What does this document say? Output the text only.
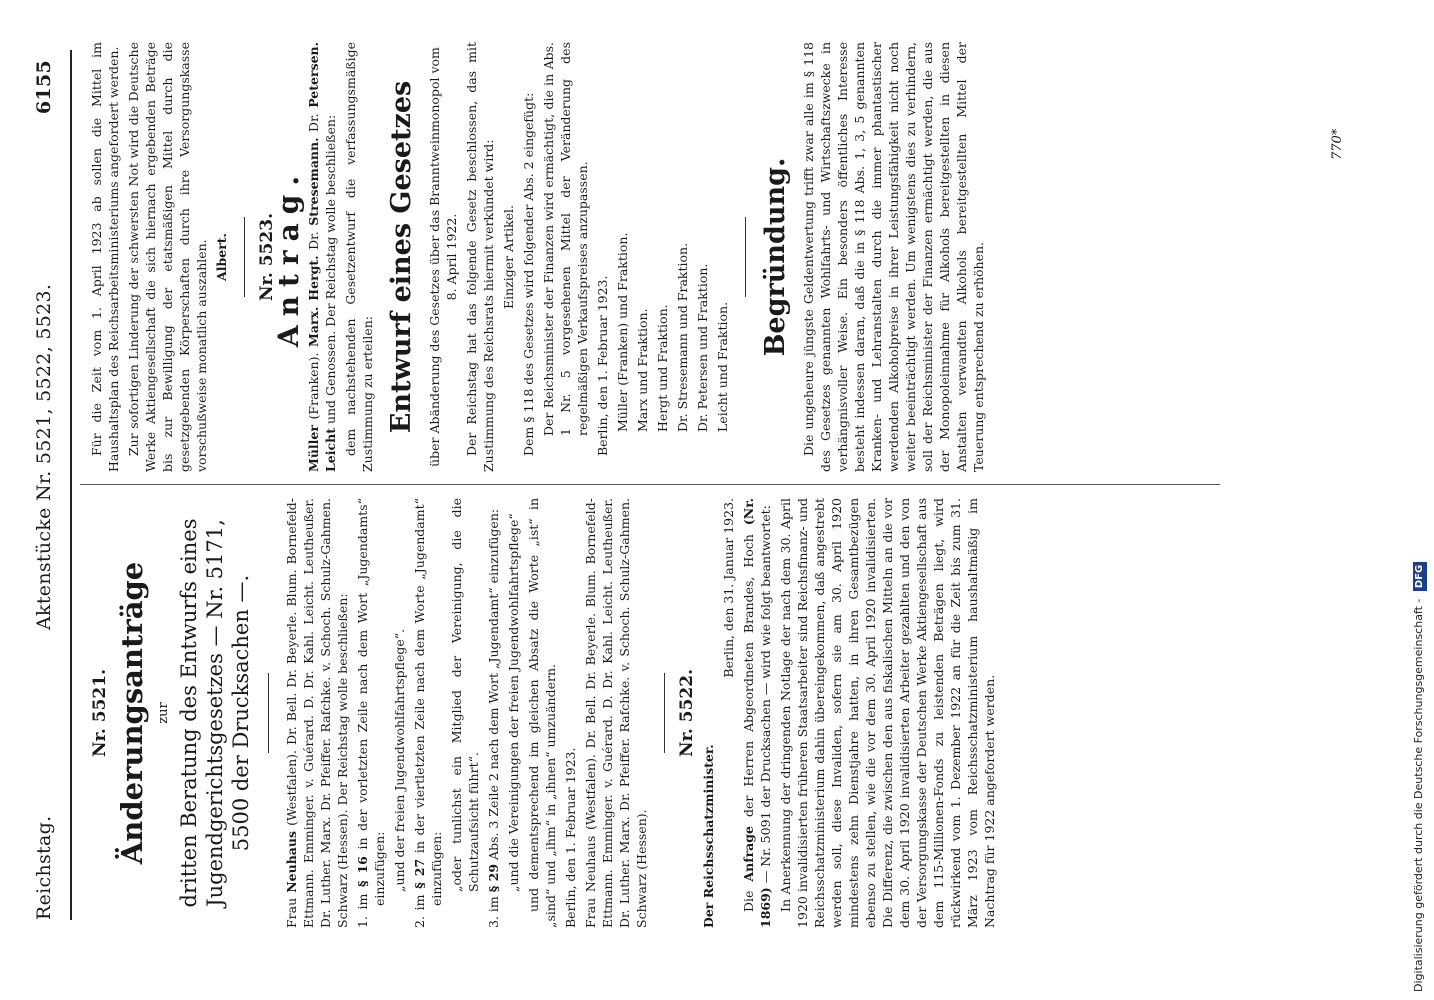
Reichstag.
Aktenstücke Nr. 5521, 5522, 5523.
6155

Nr. 5521. Änderungsanträge zur dritten Beratung des Entwurfs eines Jugendgerichtsgesetzes — Nr. 5171, 5500 der Drucksachen —.

Frau Neuhaus (Westfalen). Dr. Bell. Dr. Beyerle. Blum. Bornefeld-Ettmann. Emminger. v. Guérard. D. Dr. Kahl. Leicht. Leutheußer. Dr. Luther. Marx. Dr. Pfeiffer. Rafchke. v. Schoch. Schulz-Gahmen. Schwarz (Hessen). Der Reichstag wolle beschließen: 1. im § 16 in der vorletzten Zeile nach dem Wort „Jugendamts“ einzufügen: „und der freien Jugendwohlfahrtspflege“.

2. im § 27 in der viertletzten Zeile nach dem Worte „Jugendamt“ einzufügen: „oder tunlichst ein Mitglied der Vereinigung, die die Schutzaufsicht führt“.

3. im § 29 Abs. 3 Zeile 2 nach dem Wort „Jugendamt“ einzufügen: „und die Vereinigungen der freien Jugendwohlfahrtspflege“ und dementsprechend im gleichen Absatz die Worte „ist“ in „sind“ und „ihm“ in „ihnen“ umzuändern. Berlin, den 1. Februar 1923. Frau Neuhaus (Westfalen). Dr. Bell. Dr. Beyerle. Blum. Bornefeld-Ettmann. Emminger. v. Guérard. D. Dr. Kahl. Leicht. Leutheußer. Dr. Luther. Marx. Dr. Pfeiffer. Rafchke. v. Schoch. Schulz-Gahmen. Schwarz (Hessen).

Nr. 5522.

Der Reichsschatzminister.

Berlin, den 31. Januar 1923.

Die Anfrage der Herren Abgeordneten Brandes, Hoch (Nr. 1869) — Nr. 5091 der Drucksachen — wird wie folgt beantwortet: In Anerkennung der dringenden Notlage der nach dem 30. April 1920 invalidisierten früheren Staatsarbeiter sind Reichsfinanz- und Reichsschatzministerium dahin übereingekommen, daß angestrebt werden soll, diese Invaliden, sofern sie am 30. April 1920 mindestens zehn Dienstjahre hatten, in ihren Gesamtbezügen ebenso zu stellen, wie die vor dem 30. April 1920 invalidisierten. Die Differenz, die zwischen den aus fiskalischen Mitteln an die vor dem 30. April 1920 invalidisierten Arbeiter gezahlten und den von der Versorgungskasse der Deutschen Werke Aktiengesellschaft aus dem 115-Millionen-Fonds zu leistenden Beträgen liegt, wird rückwirkend vom 1. Dezember 1922 an für die Zeit bis zum 31. März 1923 vom Reichsschatzministerium haushaltmäßig im Nachtrag für 1922 angefordert werden.

Für die Zeit vom 1. April 1923 ab sollen die Mittel im Haushaltsplan des Reichsarbeitsministeriums angefordert werden. Zur sofortigen Linderung der schwersten Not wird die Deutsche Werke Aktiengesellschaft die sich hiernach ergebenden Beträge bis zur Bewilligung der etatsmäßigen Mittel durch die gesetzgebenden Körperschaften durch ihre Versorgungskasse vorschußweise monatlich auszahlen. Albert. Nr. 5523.

Antrag.

Müller (Franken). Marx. Hergt. Dr. Stresemann. Dr. Petersen. Leicht und Genossen. Der Reichstag wolle beschließen: dem nachstehenden Gesetzentwurf die verfassungsmäßige Zustimmung zu erteilen: Entwurf eines Gesetzes über Abänderung des Gesetzes über das Branntweinmonopol vom 8. April 1922. Der Reichstag hat das folgende Gesetz beschlossen, das mit Zustimmung des Reichsrats hiermit verkündet wird: Einziger Artikel. Dem § 118 des Gesetzes wird folgender Abs. 2 eingefügt: Der Reichsminister der Finanzen wird ermächtigt, die in Abs. 1 Nr. 5 vorgesehenen Mittel der Veränderung des regelmäßigen Verkaufspreises anzupassen. Berlin, den 1. Februar 1923. Müller (Franken) und Fraktion. Marx und Fraktion. Hergt und Fraktion. Dr. Stresemann und Fraktion. Dr. Petersen und Fraktion. Leicht und Fraktion.

Begründung. Die ungeheure jüngste Geldentwertung trifft zwar alle im § 118 des Gesetzes genannten Wohlfahrts- und Wirtschaftszwecke in verhängnisvoller Weise. Ein besonders öffentliches Interesse besteht indessen daran, daß die in § 118 Abs. 1, 3, 5 genannten Kranken- und Lehranstalten durch die immer phantastischer werdenden Alkoholpreise in ihrer Leistungsfähigkeit nicht noch weiter beeinträchtigt werden. Um wenigstens dies zu verhindern, soll der Reichsminister der Finanzen ermächtigt werden, die aus der Monopoleinnahme für Alkohols bereitgestellten in diesen Anstalten verwandten Alkohols bereitgestellten Mittel der Teuerung entsprechend zu erhöhen.

770*
Digitalisierung gefördert durch die Deutsche Forschungsgemeinschaft - DFG
